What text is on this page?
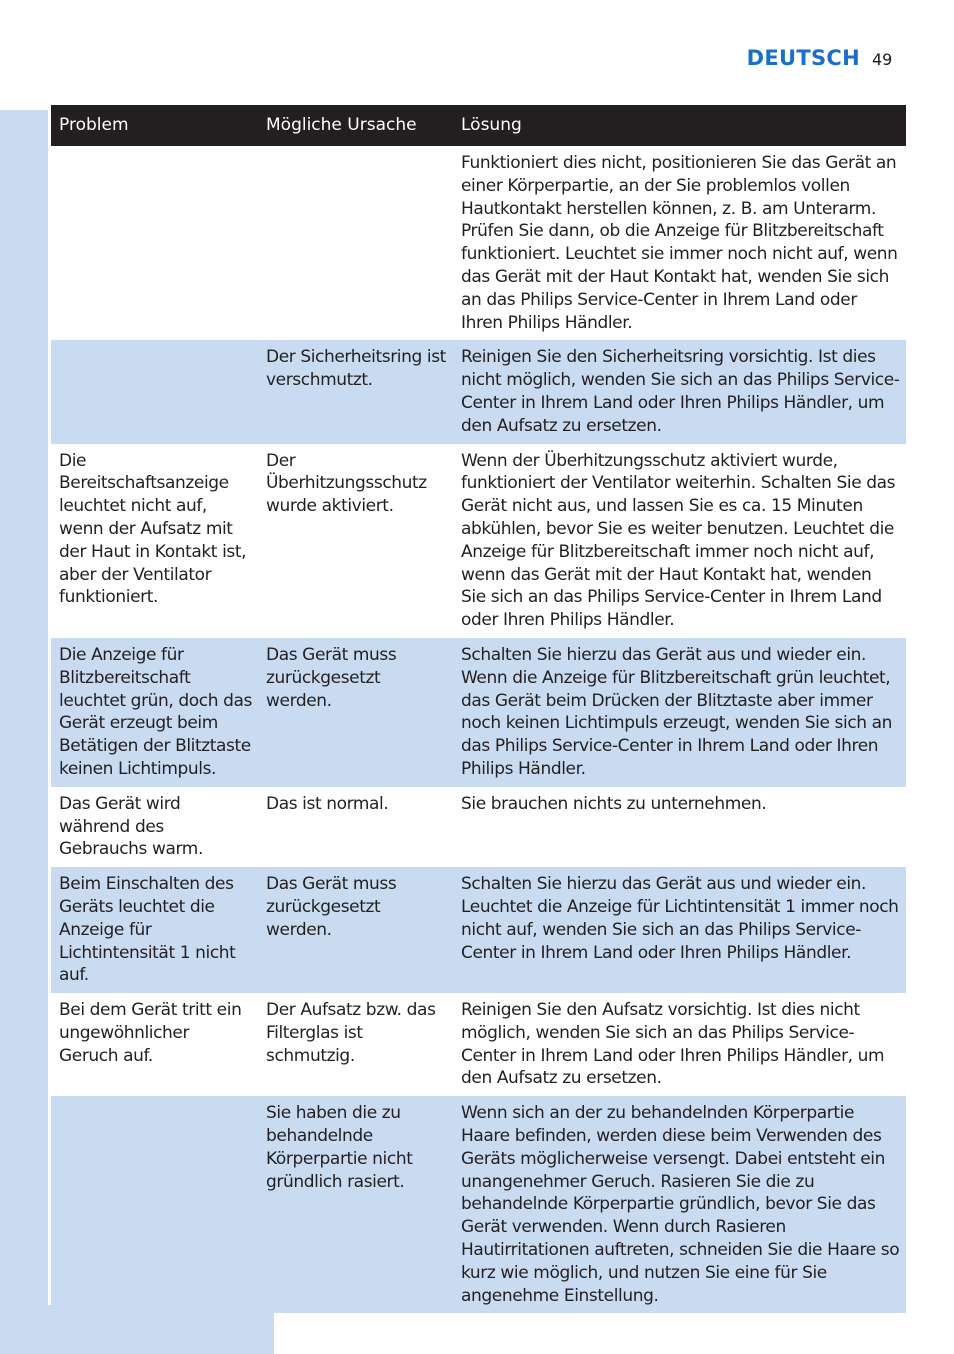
DEUTSCH 49
Problem	Mögliche Ursache	Lösung
		Funktioniert dies nicht, positionieren Sie das Gerät an einer Körperpartie, an der Sie problemlos vollen Hautkontakt herstellen können, z. B. am Unterarm. Prüfen Sie dann, ob die Anzeige für Blitzbereitschaft funktioniert. Leuchtet sie immer noch nicht auf, wenn das Gerät mit der Haut Kontakt hat, wenden Sie sich an das Philips Service-Center in Ihrem Land oder Ihren Philips Händler.
	Der Sicherheitsring ist verschmutzt.	Reinigen Sie den Sicherheitsring vorsichtig. Ist dies nicht möglich, wenden Sie sich an das Philips Service-Center in Ihrem Land oder Ihren Philips Händler, um den Aufsatz zu ersetzen.
Die Bereitschaftsanzeige leuchtet nicht auf, wenn der Aufsatz mit der Haut in Kontakt ist, aber der Ventilator funktioniert.	Der Überhitzungsschutz wurde aktiviert.	Wenn der Überhitzungsschutz aktiviert wurde, funktioniert der Ventilator weiterhin. Schalten Sie das Gerät nicht aus, und lassen Sie es ca. 15 Minuten abkühlen, bevor Sie es weiter benutzen. Leuchtet die Anzeige für Blitzbereitschaft immer noch nicht auf, wenn das Gerät mit der Haut Kontakt hat, wenden Sie sich an das Philips Service-Center in Ihrem Land oder Ihren Philips Händler.
Die Anzeige für Blitzbereitschaft leuchtet grün, doch das Gerät erzeugt beim Betätigen der Blitztaste keinen Lichtimpuls.	Das Gerät muss zurückgesetzt werden.	Schalten Sie hierzu das Gerät aus und wieder ein. Wenn die Anzeige für Blitzbereitschaft grün leuchtet, das Gerät beim Drücken der Blitztaste aber immer noch keinen Lichtimpuls erzeugt, wenden Sie sich an das Philips Service-Center in Ihrem Land oder Ihren Philips Händler.
Das Gerät wird während des Gebrauchs warm.	Das ist normal.	Sie brauchen nichts zu unternehmen.
Beim Einschalten des Geräts leuchtet die Anzeige für Lichtintensität 1 nicht auf.	Das Gerät muss zurückgesetzt werden.	Schalten Sie hierzu das Gerät aus und wieder ein. Leuchtet die Anzeige für Lichtintensität 1 immer noch nicht auf, wenden Sie sich an das Philips Service-Center in Ihrem Land oder Ihren Philips Händler.
Bei dem Gerät tritt ein ungewöhnlicher Geruch auf.	Der Aufsatz bzw. das Filterglas ist schmutzig.	Reinigen Sie den Aufsatz vorsichtig. Ist dies nicht möglich, wenden Sie sich an das Philips Service-Center in Ihrem Land oder Ihren Philips Händler, um den Aufsatz zu ersetzen.
	Sie haben die zu behandelnde Körperpartie nicht gründlich rasiert.	Wenn sich an der zu behandelnden Körperpartie Haare befinden, werden diese beim Verwenden des Geräts möglicherweise versengt. Dabei entsteht ein unangenehmer Geruch. Rasieren Sie die zu behandelnde Körperpartie gründlich, bevor Sie das Gerät verwenden. Wenn durch Rasieren Hautirritationen auftreten, schneiden Sie die Haare so kurz wie möglich, und nutzen Sie eine für Sie angenehme Einstellung.
